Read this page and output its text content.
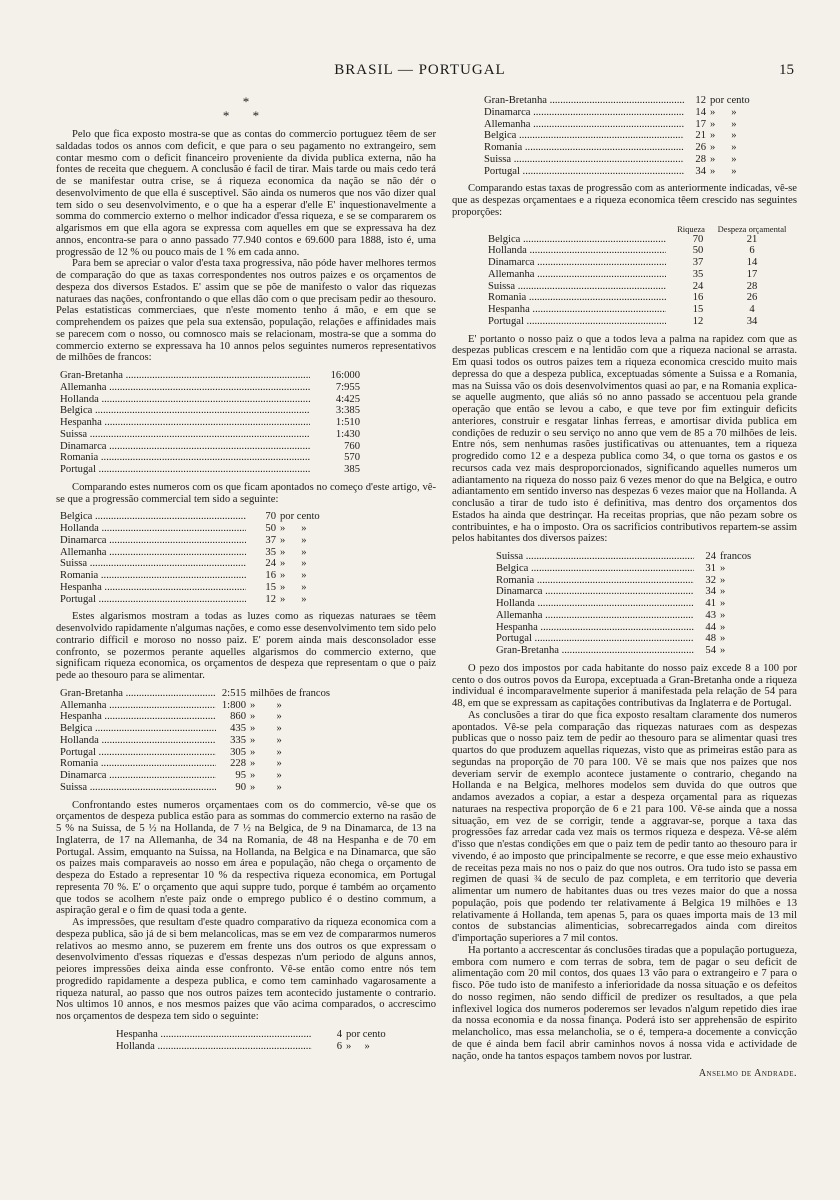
BRASIL — PORTUGAL	15
*
* *

Pelo que fica exposto mostra-se que as contas do commercio portuguez têem de ser saldadas todos os annos com deficit, e que para o seu pagamento no extrangeiro, sem contar mesmo com o deficit financeiro proveniente da divida publica externa, não ha fontes de receita que cheguem. A conclusão é facil de tirar. Mais tarde ou mais cedo terá de se manifestar outra crise, se á riqueza economica da nação se não dér o desenvolvimento de que ella é susceptivel. São ainda os numeros que nos vão dizer qual tem sido o seu desenvolvimento, e o que ha a esperar d'elle E' inquestionavelmente a somma do commercio externo o melhor indicador d'essa riqueza, e se se compararem os algarismos em que ella agora se expressa com aquelles em que se expressava ha dez annos, encontra-se para o anno passado 77.940 contos e 69.600 para 1888, isto é, uma progressão de 12 % ou pouco mais de 1 % em cada anno.

Para bem se apreciar o valor d'esta taxa progressiva, não póde haver melhores termos de comparação do que as taxas correspondentes nos outros paizes e os orçamentos de despeza dos diversos Estados. E' assim que se põe de manifesto o valor das riquezas naturaes das nações, confrontando o que ellas dão com o que precisam pedir ao thesouro. Pelas estatisticas commerciaes, que n'este momento tenho á mão, e em que se comprehendem os paizes que pela sua extensão, população, relações e affinidades mais se parecem com o nosso, ou comnosco mais se relacionam, mostra-se que a somma do commercio externo se expressava ha 10 annos pelos seguintes numeros representativos de milhões de francos:

Gran-Bretanha .....	16:000
Allemanha .....	7:955
Hollanda .....	4:425
Belgica .....	3:385
Hespanha .....	1:510
Suissa .....	1:430
Dinamarca .....	760
Romania .....	570
Portugal .....	385

Comparando estes numeros com os que ficam apontados no começo d'este artigo, vê-se que a progressão commercial tem sido a seguinte:

Belgica .....	70 por cento
Hollanda .....	50 »      »
Dinamarca .....	37 »      »
Allemanha .....	35 »      »
Suissa .....	24 »      »
Romania .....	16 »      »
Hespanha .....	15 »      »
Portugal .....	12 »      »

Estes algarismos mostram a todas as luzes como as riquezas naturaes se têem desenvolvido rapidamente n'algumas nações, e como esse desenvolvimento tem sido pelo contrario difficil e moroso no nosso paiz. E' porem ainda mais desconsolador esse confronto, se pozermos perante aquelles algarismos do commercio externo, que significam riqueza economica, os orçamentos de despeza que representam o que o paiz pede ao thesouro para se alimentar.

Gran-Bretanha .....	2:515 milhões de francos
Allemanha .....	1:800 »        »
Hespanha .....	860 »        »
Belgica .....	435 »        »
Hollanda .....	335 »        »
Portugal .....	305 »        »
Romania .....	228 »        »
Dinamarca .....	95 »        »
Suissa .....	90 »        »

Confrontando estes numeros orçamentaes com os do commercio, vê-se que os orçamentos de despeza publica estão para as sommas do commercio externo na rasão de 5 % na Suissa, de 5 ½ na Hollanda, de 7 ½ na Belgica, de 9 na Dinamarca, de 13 na Inglaterra, de 17 na Allemanha, de 34 na Romania, de 48 na Hespanha e de 70 em Portugal. Assim, emquanto na Suissa, na Hollanda, na Belgica e na Dinamarca, que são os paizes mais comparaveis ao nosso em área e população, não chega o orçamento de despeza do Estado a representar 10 % da respectiva riqueza economica, em Portugal representa 70 %. E' o orçamento que aqui suppre tudo, porque é também ao orçamento que todos se acolhem n'este paiz onde o emprego publico é o destino commum, a aspiração geral e o fim de quasi toda a gente.

As impressões, que resultam d'este quadro comparativo da riqueza economica com a despeza publica, são já de si bem melancolicas, mas se em vez de compararmos numeros relativos ao mesmo anno, se puzerem em frente uns dos outros os que expressam o desenvolvimento d'essas riquezas e d'essas despezas n'um periodo de alguns annos, peiores impressões deixa ainda esse confronto. Vê-se então como entre nós tem progredido rapidamente a despeza publica, e como tem caminhado vagarosamente a riqueza natural, ao passo que nos outros paizes tem acontecido justamente o contrario. Nos ultimos 10 annos, e nos mesmos paizes que vão acima comparados, o accrescimo nos orçamentos de despeza tem sido o seguinte:

Hespanha .....	4 por cento
Hollanda .....	6 »     »
Gran-Bretanha .....	12 por cento
Dinamarca .....	14 »      »
Allemanha .....	17 »      »
Belgica .....	21 »      »
Romania .....	26 »      »
Suissa .....	28 »      »
Portugal .....	34 »      »

Comparando estas taxas de progressão com as anteriormente indicadas, vê-se que as despezas orçamentaes e a riqueza economica têem crescido nas seguintes proporções:

Riqueza	Despeza orçamental
Belgica .....	70	21
Hollanda .....	50	6
Dinamarca .....	37	14
Allemanha .....	35	17
Suissa .....	24	28
Romania .....	16	26
Hespanha .....	15	4
Portugal .....	12	34

E' portanto o nosso paiz o que a todos leva a palma na rapidez com que as despezas publicas crescem e na lentidão com que a riqueza nacional se arrasta. Em quasi todos os outros paizes tem a riqueza economica crescido muito mais depressa do que a despeza publica, exceptuadas sómente a Suissa e a Romania, mas na Suissa vão os dois desenvolvimentos quasi ao par, e na Romania explica-se aquelle augmento, que aliás só no anno passado se accentuou pela grande operação que então se levou a cabo, e que teve por fim extinguir deficits anteriores, construir e resgatar linhas ferreas, e amortisar divida publica em condições de reduzir o seu serviço no anno que vem de 85 a 70 milhões de leis. Entre nós, sem nenhumas rasões justificativas ou attenuantes, tem a riqueza progredido como 12 e a despeza publica como 34, o que torna os gastos e os recursos cada vez mais desproporcionados, significando aquelles numeros um adiantamento na riqueza do nosso paiz 6 vezes menor do que na Belgica, e outro adiantamento em sentido inverso nas despezas 6 vezes maior que na Hollanda. A conclusão a tirar de tudo isto é definitiva, mas dentro dos orçamentos dos Estados ha ainda que destrinçar. Ha receitas proprias, que não pezam sobre os contribuintes, e ha o imposto. Ora os sacrificios contributivos repartem-se assim pelos habitantes dos diversos paizes:

Suissa .....	24 francos
Belgica .....	31 »
Romania .....	32 »
Dinamarca .....	34 »
Hollanda .....	41 »
Allemanha .....	43 »
Hespanha .....	44 »
Portugal .....	48 »
Gran-Bretanha .....	54 »

O pezo dos impostos por cada habitante do nosso paiz excede 8 a 100 por cento o dos outros povos da Europa, exceptuada a Gran-Bretanha onde a riqueza individual é incomparavelmente superior á manifestada pela relação de 54 para 48, em que se expressam as capitações contributivas da Inglaterra e de Portugal.

As conclusões a tirar do que fica exposto resaltam claramente dos numeros apontados. Vê-se pela comparação das riquezas naturaes com as despezas publicas que o nosso paiz tem de pedir ao thesouro para se alimentar quasi tres quartos do que produzem aquellas riquezas, visto que as primeiras estão para as segundas na proporção de 70 para 100. Vê se mais que nos paizes que nos deveriam servir de exemplo acontece justamente o contrario, chegando na Hollanda e na Belgica, melhores modelos sem duvida do que outros que andamos avezados a copiar, a estar a despeza orçamental para as riquezas naturaes na respectiva proporção de 6 e 21 para 100. Vê-se ainda que a nossa situação, em vez de se corrigir, tende a aggravar-se, porque a taxa das progressões faz arredar cada vez mais os termos riqueza e despeza. Vê-se além d'isso que n'estas condições em que o paiz tem de pedir tanto ao thesouro para ir vivendo, é ao imposto que principalmente se recorre, e que esse meio exhaustivo de receitas peza mais no nos o paiz do que nos outros. Ora tudo isto se passa em regimen de quasi ¾ de seculo de paz completa, e em territorio que deveria alimentar um numero de habitantes duas ou tres vezes maior do que a nossa população, pois que podendo ter relativamente á Belgica 19 milhões e 13 relativamente á Hollanda, tem apenas 5, para os quaes importa mais de 13 mil contos de substancias alimenticias, sobrecarregados ainda com direitos d'importação superiores a 7 mil contos.

Ha portanto a accrescentar ás conclusões tiradas que a população portugueza, embora com numero e com terras de sobra, tem de pagar o seu deficit de alimentação com 20 mil contos, dos quaes 13 vão para o extrangeiro e 7 para o fisco. Põe tudo isto de manifesto a inferioridade da nossa situação e os defeitos do nosso regimen, não sendo difficil de predizer os resultados, a que pela inflexivel logica dos numeros poderemos ser levados n'algum repetido dies irae da nossa economia e da nossa finança. Poderá isto ser apprehensão de espirito melancholico, mas essa melancholia, se o é, tempera-a docemente a convicção de que é ainda bem facil abrir caminhos novos á nossa vida e actividade de nação, onde ha tantos espaços tambem novos por lustrar.

Anselmo de Andrade.
